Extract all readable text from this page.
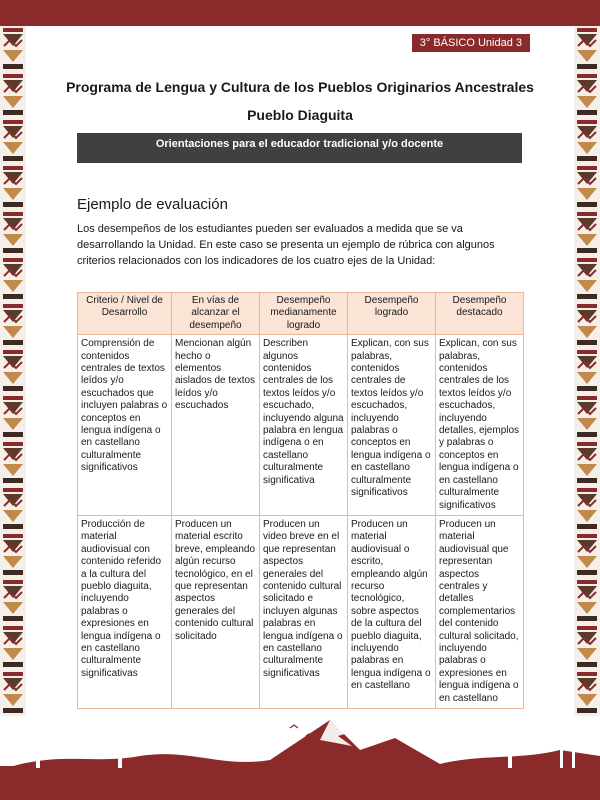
3° BÁSICO Unidad 3
Programa de Lengua y Cultura de los Pueblos Originarios Ancestrales
Pueblo Diaguita
Orientaciones para el educador tradicional y/o docente
Ejemplo de evaluación
Los desempeños de los estudiantes pueden ser evaluados a medida que se va desarrollando la Unidad. En este caso se presenta un ejemplo de rúbrica con algunos criterios relacionados con los indicadores de los cuatro ejes de la Unidad:
Criterio / Nivel de Desarrollo	En vías de alcanzar el desempeño	Desempeño medianamente logrado	Desempeño logrado	Desempeño destacado
Comprensión de contenidos centrales de textos leídos y/o escuchados que incluyen palabras o conceptos en lengua indígena o en castellano culturalmente significativos	Mencionan algún hecho o elementos aislados de textos leídos y/o escuchados	Describen algunos contenidos centrales de los textos leídos y/o escuchado, incluyendo alguna palabra en lengua indígena o en castellano culturalmente significativa	Explican, con sus palabras, contenidos centrales de textos leídos y/o escuchados, incluyendo palabras o conceptos en lengua indígena o en castellano culturalmente significativos	Explican, con sus palabras, contenidos centrales de los textos leídos y/o escuchados, incluyendo detalles, ejemplos y palabras o conceptos en lengua indígena o en castellano culturalmente significativos
Producción de material audiovisual con contenido referido a la cultura del pueblo diaguita, incluyendo palabras o expresiones en lengua indígena o en castellano culturalmente significativas	Producen un material escrito breve, empleando algún recurso tecnológico, en el que representan aspectos generales del contenido cultural solicitado	Producen un video breve en el que representan aspectos generales del contenido cultural solicitado e incluyen algunas palabras en lengua indígena o en castellano culturalmente significativas	Producen un material audiovisual o escrito, empleando algún recurso tecnológico, sobre aspectos de la cultura del pueblo diaguita, incluyendo palabras en lengua indígena o en castellano	Producen un material audiovisual que representan aspectos centrales y detalles complementarios del contenido cultural solicitado, incluyendo palabras o expresiones en lengua indígena o en castellano
